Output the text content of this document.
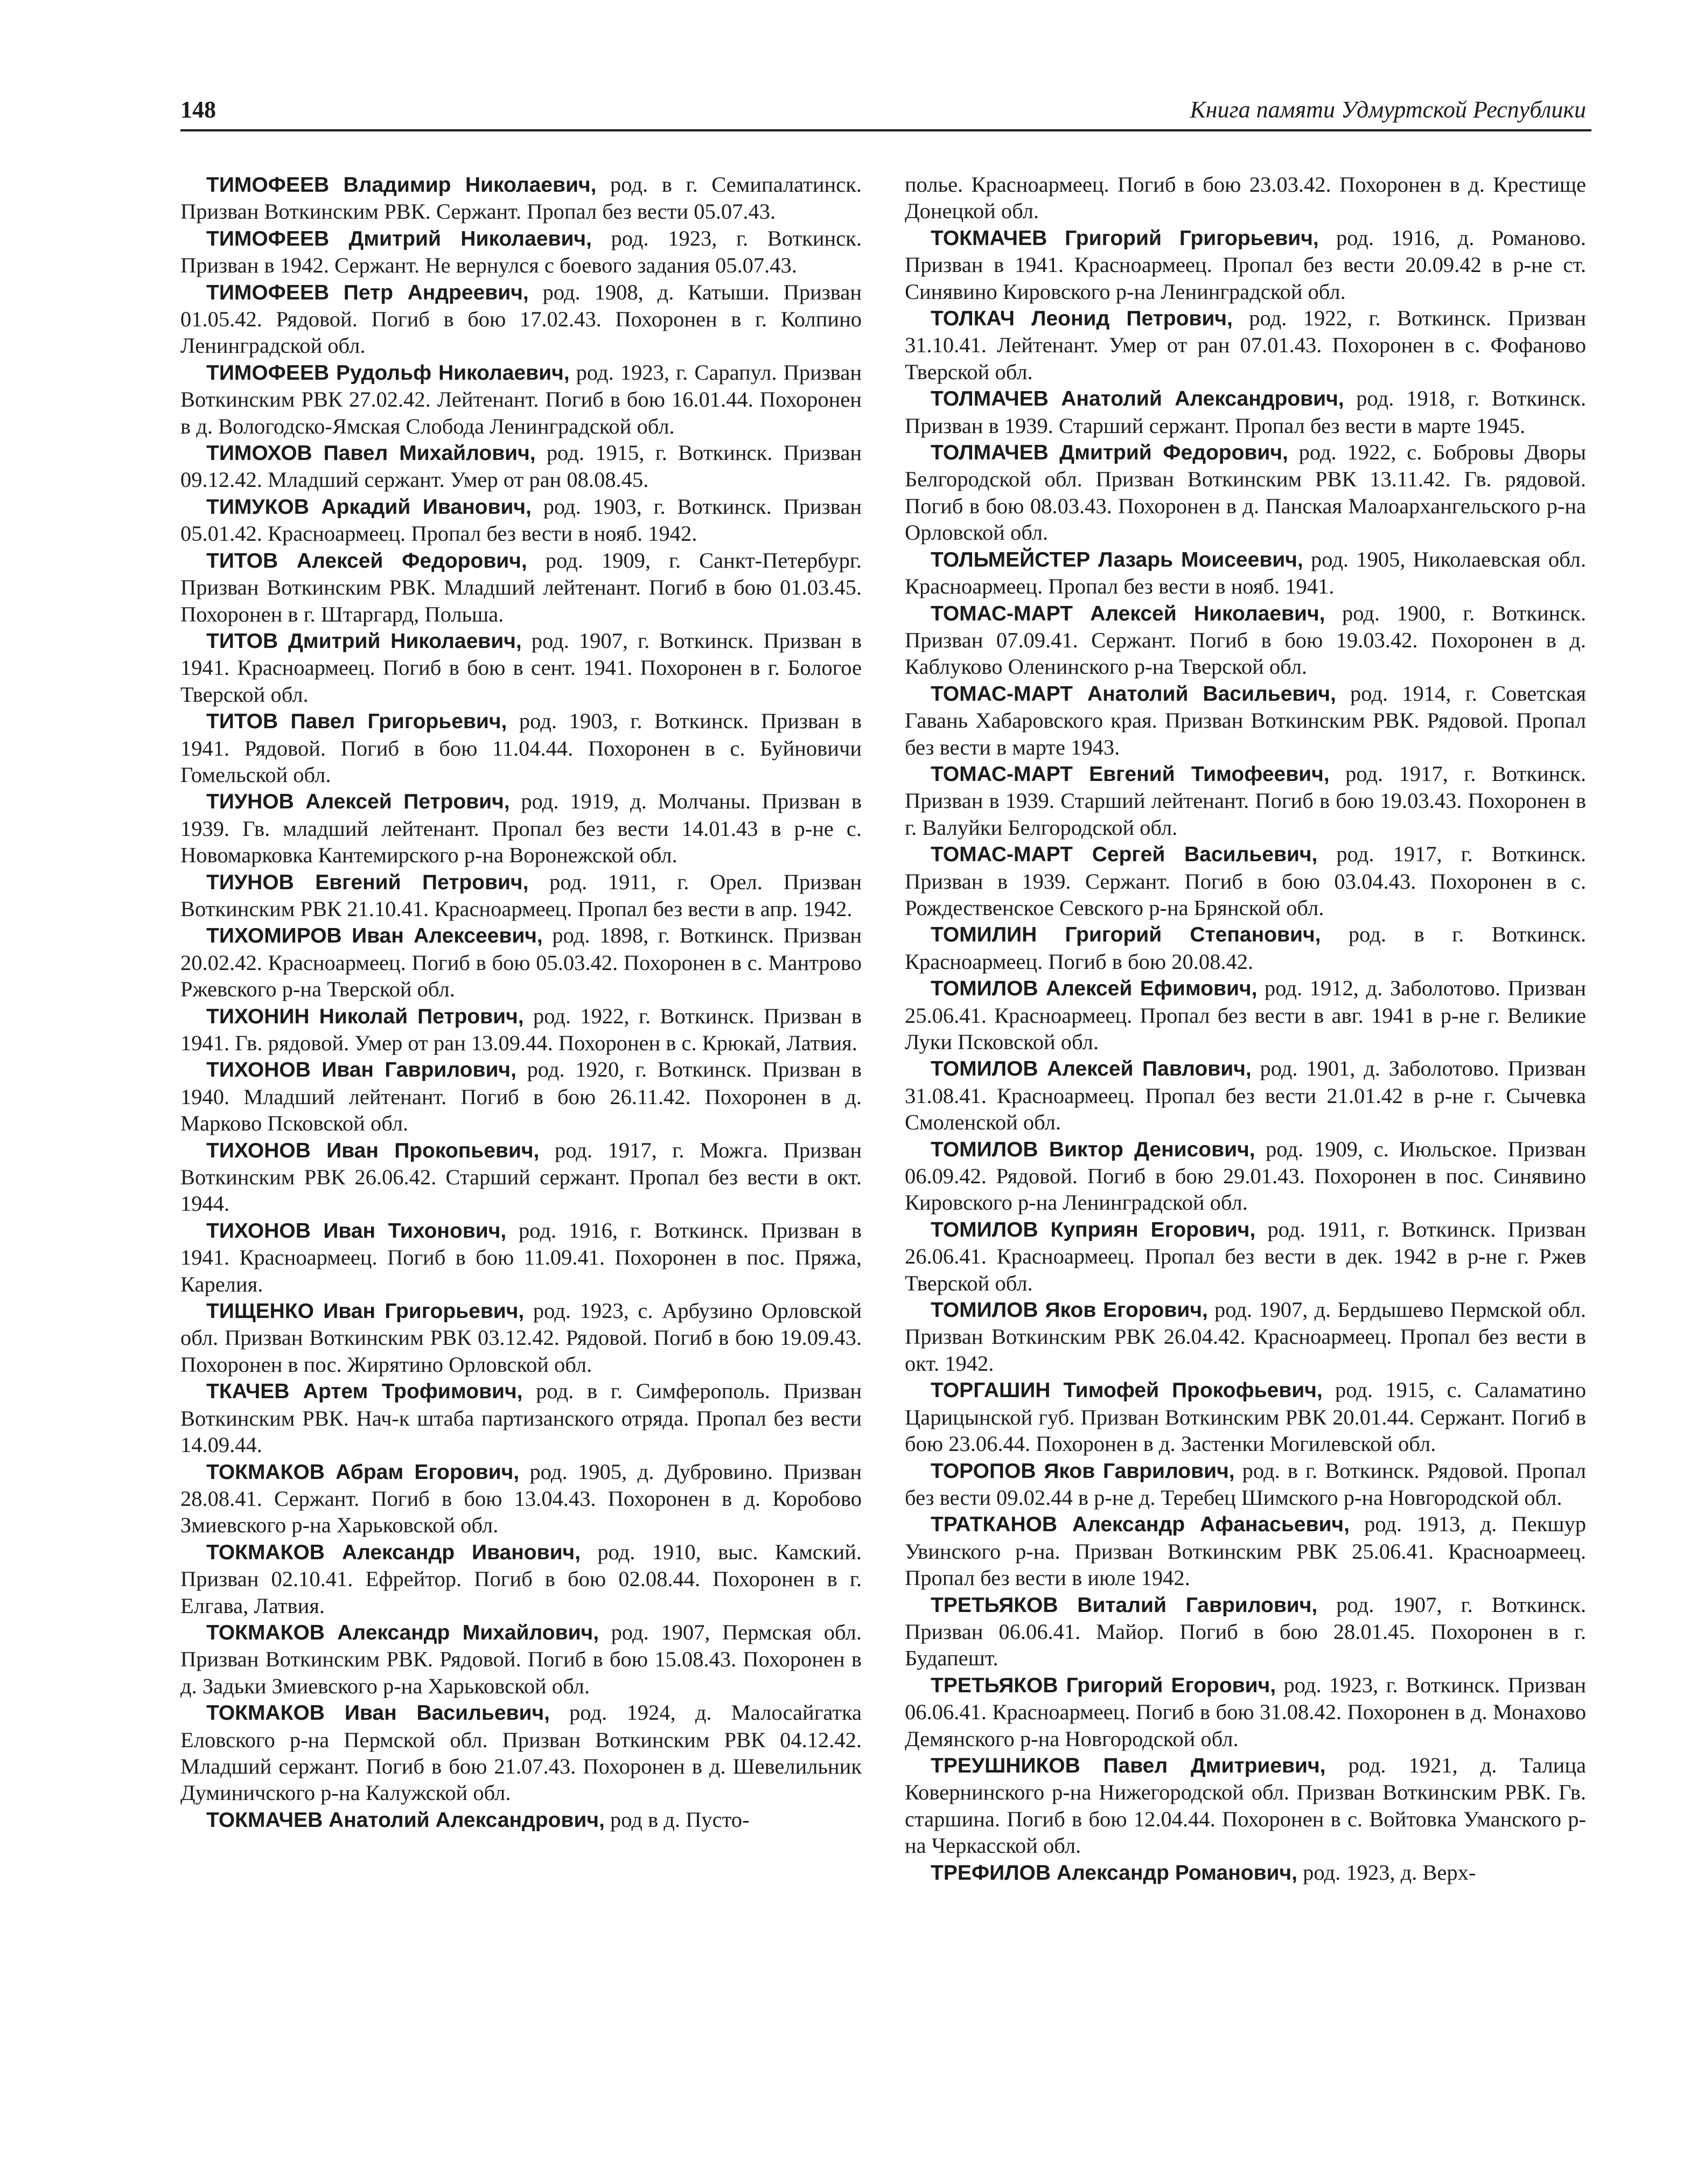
148	Книга памяти Удмуртской Республики

ТИМОФЕЕВ Владимир Николаевич, род. в г. Семипалатинск. Призван Воткинским РВК. Сержант. Пропал без вести 05.07.43.

ТИМОФЕЕВ Дмитрий Николаевич, род. 1923, г. Воткинск. Призван в 1942. Сержант. Не вернулся с боевого задания 05.07.43.

ТИМОФЕЕВ Петр Андреевич, род. 1908, д. Катыши. Призван 01.05.42. Рядовой. Погиб в бою 17.02.43. Похоронен в г. Колпино Ленинградской обл.

ТИМОФЕЕВ Рудольф Николаевич, род. 1923, г. Сарапул. Призван Воткинским РВК 27.02.42. Лейтенант. Погиб в бою 16.01.44. Похоронен в д. Вологодско-Ямская Слобода Ленинградской обл.

ТИМОХОВ Павел Михайлович, род. 1915, г. Воткинск. Призван 09.12.42. Младший сержант. Умер от ран 08.08.45.

ТИМУКОВ Аркадий Иванович, род. 1903, г. Воткинск. Призван 05.01.42. Красноармеец. Пропал без вести в нояб. 1942.

ТИТОВ Алексей Федорович, род. 1909, г. Санкт-Петербург. Призван Воткинским РВК. Младший лейтенант. Погиб в бою 01.03.45. Похоронен в г. Штаргард, Польша.

ТИТОВ Дмитрий Николаевич, род. 1907, г. Воткинск. Призван в 1941. Красноармеец. Погиб в бою в сент. 1941. Похоронен в г. Бологое Тверской обл.

ТИТОВ Павел Григорьевич, род. 1903, г. Воткинск. Призван в 1941. Рядовой. Погиб в бою 11.04.44. Похоронен в с. Буйновичи Гомельской обл.

ТИУНОВ Алексей Петрович, род. 1919, д. Молчаны. Призван в 1939. Гв. младший лейтенант. Пропал без вести 14.01.43 в р-не с. Новомарковка Кантемирского р-на Воронежской обл.

ТИУНОВ Евгений Петрович, род. 1911, г. Орел. Призван Воткинским РВК 21.10.41. Красноармеец. Пропал без вести в апр. 1942.

ТИХОМИРОВ Иван Алексеевич, род. 1898, г. Воткинск. Призван 20.02.42. Красноармеец. Погиб в бою 05.03.42. Похоронен в с. Мантрово Ржевского р-на Тверской обл.

ТИХОНИН Николай Петрович, род. 1922, г. Воткинск. Призван в 1941. Гв. рядовой. Умер от ран 13.09.44. Похоронен в с. Крюкай, Латвия.

ТИХОНОВ Иван Гаврилович, род. 1920, г. Воткинск. Призван в 1940. Младший лейтенант. Погиб в бою 26.11.42. Похоронен в д. Марково Псковской обл.

ТИХОНОВ Иван Прокопьевич, род. 1917, г. Можга. Призван Воткинским РВК 26.06.42. Старший сержант. Пропал без вести в окт. 1944.

ТИХОНОВ Иван Тихонович, род. 1916, г. Воткинск. Призван в 1941. Красноармеец. Погиб в бою 11.09.41. Похоронен в пос. Пряжа, Карелия.

ТИЩЕНКО Иван Григорьевич, род. 1923, с. Арбузино Орловской обл. Призван Воткинским РВК 03.12.42. Рядовой. Погиб в бою 19.09.43. Похоронен в пос. Жирятино Орловской обл.

ТКАЧЕВ Артем Трофимович, род. в г. Симферополь. Призван Воткинским РВК. Нач-к штаба партизанского отряда. Пропал без вести 14.09.44.

ТОКМАКОВ Абрам Егорович, род. 1905, д. Дубровино. Призван 28.08.41. Сержант. Погиб в бою 13.04.43. Похоронен в д. Коробово Змиевского р-на Харьковской обл.

ТОКМАКОВ Александр Иванович, род. 1910, выс. Камский. Призван 02.10.41. Ефрейтор. Погиб в бою 02.08.44. Похоронен в г. Елгава, Латвия.

ТОКМАКОВ Александр Михайлович, род. 1907, Пермская обл. Призван Воткинским РВК. Рядовой. Погиб в бою 15.08.43. Похоронен в д. Задьки Змиевского р-на Харьковской обл.

ТОКМАКОВ Иван Васильевич, род. 1924, д. Малосайгатка Еловского р-на Пермской обл. Призван Воткинским РВК 04.12.42. Младший сержант. Погиб в бою 21.07.43. Похоронен в д. Шевелильник Думиничского р-на Калужской обл.

ТОКМАЧЕВ Анатолий Александрович, род в д. Пусто-

полье. Красноармеец. Погиб в бою 23.03.42. Похоронен в д. Крестище Донецкой обл.

ТОКМАЧЕВ Григорий Григорьевич, род. 1916, д. Романово. Призван в 1941. Красноармеец. Пропал без вести 20.09.42 в р-не ст. Синявино Кировского р-на Ленинградской обл.

ТОЛКАЧ Леонид Петрович, род. 1922, г. Воткинск. Призван 31.10.41. Лейтенант. Умер от ран 07.01.43. Похоронен в с. Фофаново Тверской обл.

ТОЛМАЧЕВ Анатолий Александрович, род. 1918, г. Воткинск. Призван в 1939. Старший сержант. Пропал без вести в марте 1945.

ТОЛМАЧЕВ Дмитрий Федорович, род. 1922, с. Бобровы Дворы Белгородской обл. Призван Воткинским РВК 13.11.42. Гв. рядовой. Погиб в бою 08.03.43. Похоронен в д. Панская Малоархангельского р-на Орловской обл.

ТОЛЬМЕЙСТЕР Лазарь Моисеевич, род. 1905, Николаевская обл. Красноармеец. Пропал без вести в нояб. 1941.

ТОМАС-МАРТ Алексей Николаевич, род. 1900, г. Воткинск. Призван 07.09.41. Сержант. Погиб в бою 19.03.42. Похоронен в д. Каблуково Оленинского р-на Тверской обл.

ТОМАС-МАРТ Анатолий Васильевич, род. 1914, г. Советская Гавань Хабаровского края. Призван Воткинским РВК. Рядовой. Пропал без вести в марте 1943.

ТОМАС-МАРТ Евгений Тимофеевич, род. 1917, г. Воткинск. Призван в 1939. Старший лейтенант. Погиб в бою 19.03.43. Похоронен в г. Валуйки Белгородской обл.

ТОМАС-МАРТ Сергей Васильевич, род. 1917, г. Воткинск. Призван в 1939. Сержант. Погиб в бою 03.04.43. Похоронен в с. Рождественское Севского р-на Брянской обл.

ТОМИЛИН Григорий Степанович, род. в г. Воткинск. Красноармеец. Погиб в бою 20.08.42.

ТОМИЛОВ Алексей Ефимович, род. 1912, д. Заболотово. Призван 25.06.41. Красноармеец. Пропал без вести в авг. 1941 в р-не г. Великие Луки Псковской обл.

ТОМИЛОВ Алексей Павлович, род. 1901, д. Заболотово. Призван 31.08.41. Красноармеец. Пропал без вести 21.01.42 в р-не г. Сычевка Смоленской обл.

ТОМИЛОВ Виктор Денисович, род. 1909, с. Июльское. Призван 06.09.42. Рядовой. Погиб в бою 29.01.43. Похоронен в пос. Синявино Кировского р-на Ленинградской обл.

ТОМИЛОВ Куприян Егорович, род. 1911, г. Воткинск. Призван 26.06.41. Красноармеец. Пропал без вести в дек. 1942 в р-не г. Ржев Тверской обл.

ТОМИЛОВ Яков Егорович, род. 1907, д. Бердышево Пермской обл. Призван Воткинским РВК 26.04.42. Красноармеец. Пропал без вести в окт. 1942.

ТОРГАШИН Тимофей Прокофьевич, род. 1915, с. Саламатино Царицынской губ. Призван Воткинским РВК 20.01.44. Сержант. Погиб в бою 23.06.44. Похоронен в д. Застенки Могилевской обл.

ТОРОПОВ Яков Гаврилович, род. в г. Воткинск. Рядовой. Пропал без вести 09.02.44 в р-не д. Теребец Шимского р-на Новгородской обл.

ТРАТКАНОВ Александр Афанасьевич, род. 1913, д. Пекшур Увинского р-на. Призван Воткинским РВК 25.06.41. Красноармеец. Пропал без вести в июле 1942.

ТРЕТЬЯКОВ Виталий Гаврилович, род. 1907, г. Воткинск. Призван 06.06.41. Майор. Погиб в бою 28.01.45. Похоронен в г. Будапешт.

ТРЕТЬЯКОВ Григорий Егорович, род. 1923, г. Воткинск. Призван 06.06.41. Красноармеец. Погиб в бою 31.08.42. Похоронен в д. Монахово Демянского р-на Новгородской обл.

ТРЕУШНИКОВ Павел Дмитриевич, род. 1921, д. Талица Ковернинского р-на Нижегородской обл. Призван Воткинским РВК. Гв. старшина. Погиб в бою 12.04.44. Похоронен в с. Войтовка Уманского р-на Черкасской обл.

ТРЕФИЛОВ Александр Романович, род. 1923, д. Верх-
